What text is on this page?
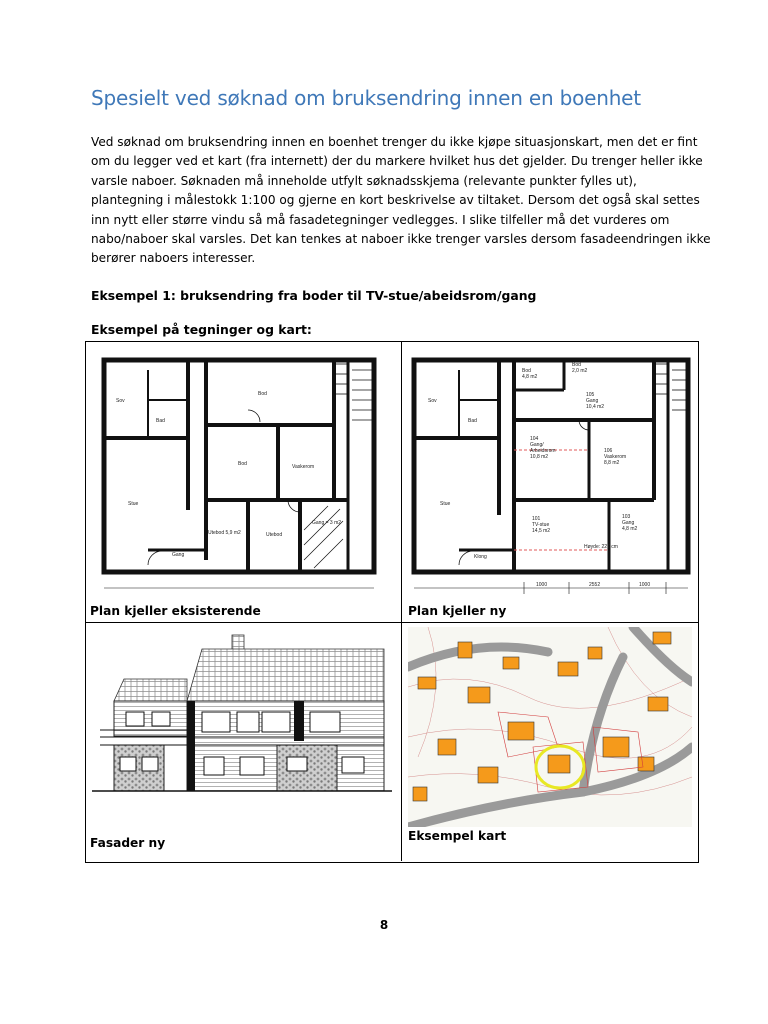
Spesielt ved søknad om bruksendring innen en boenhet
Ved søknad om bruksendring innen en boenhet trenger du ikke kjøpe situasjonskart, men det er fint
om du legger ved et kart (fra internett) der du markere hvilket hus det gjelder. Du trenger heller ikke
varsle naboer. Søknaden må inneholde utfylt søknadsskjema (relevante punkter fylles ut),
plantegning i målestokk 1:100 og gjerne en kort beskrivelse av tiltaket. Dersom det også skal settes
inn nytt eller større vindu så må fasadetegninger vedlegges. I slike tilfeller må det vurderes om
nabo/naboer skal varsles. Det kan tenkes at naboer ikke trenger varsles dersom fasadeendringen ikke
berører naboers interesser.

Eksempel 1: bruksendring fra boder til TV-stue/abeidsrom/gang

Eksempel på tegninger og kart:

Sov
Bad
Bod
Bod	Vaskerom
Stue
Gang
Utebod 5,9 m2	Utebod
Gang = 3 m2

Plan kjeller eksisterende

Sov
Bad
Bod
4,8 m2
Bod
2,0 m2
105
Gang
10,4 m2
104
Gang/
Arbeidsrom
10,8 m2
106
Vaskerom
8,8 m2
Stue
101
TV-stue
14,5 m2
103
Gang
4,8 m2
Klong
Høyde: 227 cm
1000	2552	1000

Plan kjeller ny

Fasader ny	Eksempel kart

8
